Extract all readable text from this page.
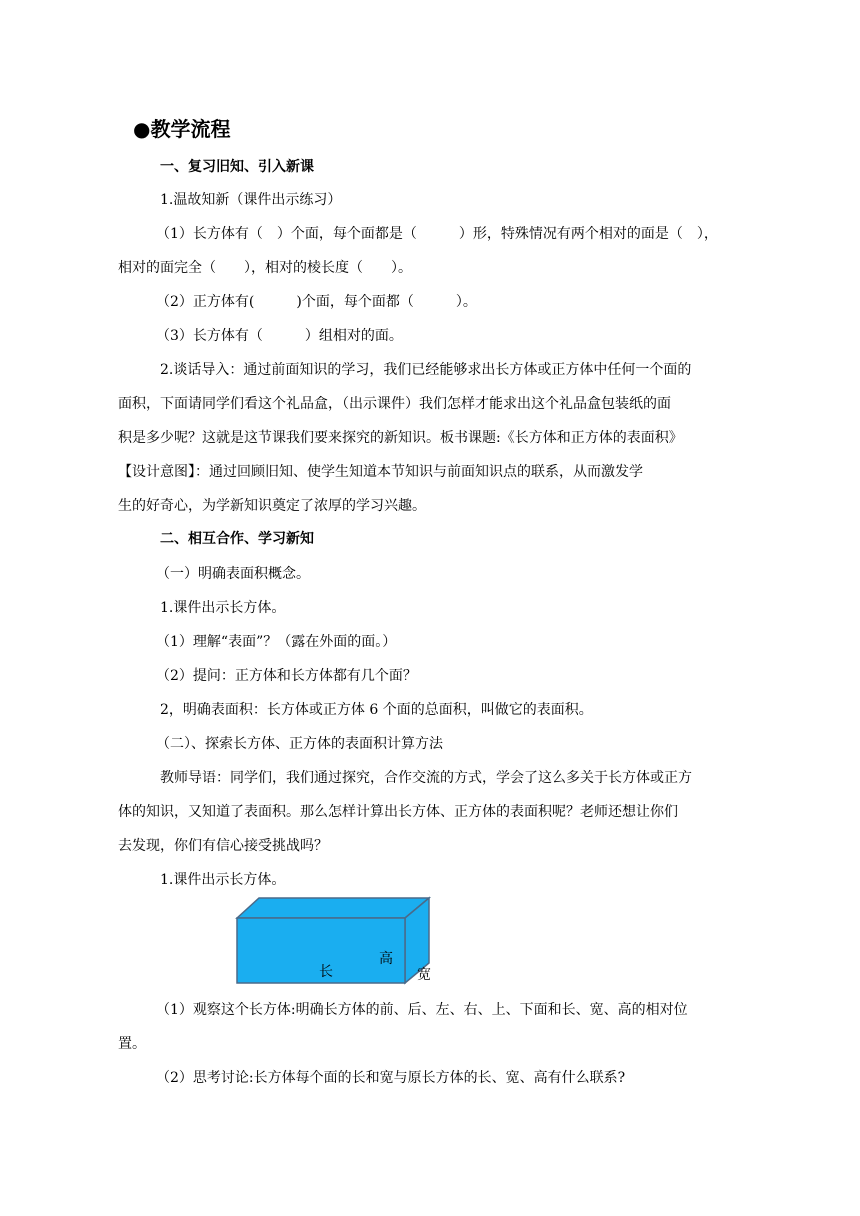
●教学流程
一、复习旧知、引入新课
1.温故知新（课件出示练习）
（1）长方体有（　）个面，每个面都是（　　　）形，特殊情况有两个相对的面是（　），
相对的面完全（　　），相对的棱长度（　　）。
（2）正方体有(　　　)个面，每个面都（　　　）。
（3）长方体有（　　　）组相对的面。
2.谈话导入：通过前面知识的学习，我们已经能够求出长方体或正方体中任何一个面的
面积，下面请同学们看这个礼品盒，（出示课件）我们怎样才能求出这个礼品盒包装纸的面
积是多少呢？这就是这节课我们要来探究的新知识。板书课题:《长方体和正方体的表面积》
【设计意图】：通过回顾旧知、使学生知道本节知识与前面知识点的联系，从而激发学
生的好奇心，为学新知识奠定了浓厚的学习兴趣。
二、相互合作、学习新知
（一）明确表面积概念。
1.课件出示长方体。
（1）理解“表面”？（露在外面的面。）
（2）提问：正方体和长方体都有几个面？
2，明确表面积：长方体或正方体 6 个面的总面积，叫做它的表面积。
（二）、探索长方体、正方体的表面积计算方法
教师导语：同学们，我们通过探究，合作交流的方式，学会了这么多关于长方体或正方
体的知识，又知道了表面积。那么怎样计算出长方体、正方体的表面积呢？老师还想让你们
去发现，你们有信心接受挑战吗？
1.课件出示长方体。
高
长	宽
（1）观察这个长方体:明确长方体的前、后、左、右、上、下面和长、宽、高的相对位
置。
（2）思考讨论:长方体每个面的长和宽与原长方体的长、宽、高有什么联系?
